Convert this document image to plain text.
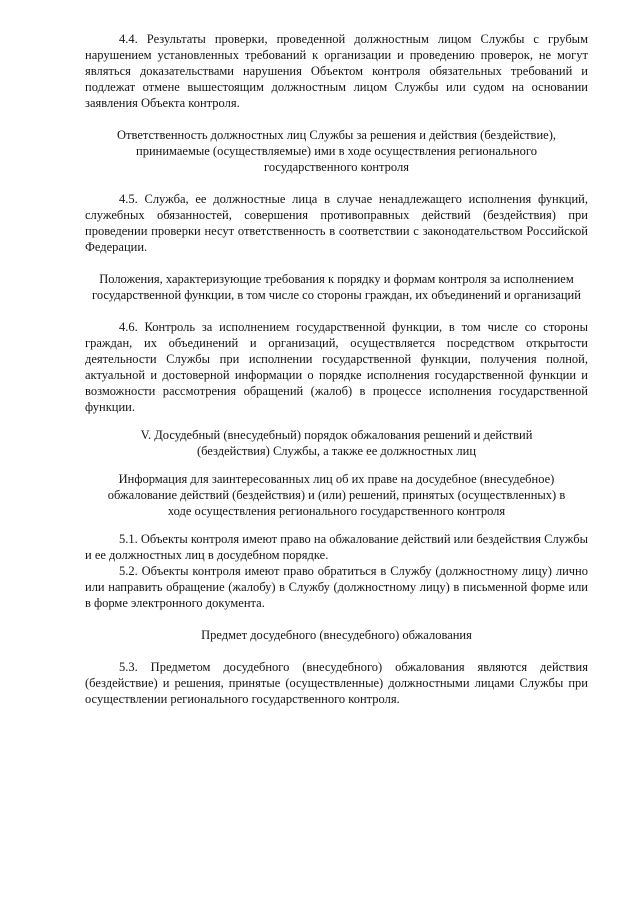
4.4. Результаты проверки, проведенной должностным лицом Службы с грубым нарушением установленных требований к организации и проведению проверок, не могут являться доказательствами нарушения Объектом контроля обязательных требований и подлежат отмене вышестоящим должностным лицом Службы или судом на основании заявления Объекта контроля.

Ответственность должностных лиц Службы за решения и действия (бездействие), принимаемые (осуществляемые) ими в ходе осуществления регионального государственного контроля

4.5. Служба, ее должностные лица в случае ненадлежащего исполнения функций, служебных обязанностей, совершения противоправных действий (бездействия) при проведении проверки несут ответственность в соответствии с законодательством Российской Федерации.

Положения, характеризующие требования к порядку и формам контроля за исполнением государственной функции, в том числе со стороны граждан, их объединений и организаций

4.6. Контроль за исполнением государственной функции, в том числе со стороны граждан, их объединений и организаций, осуществляется посредством открытости деятельности Службы при исполнении государственной функции, получения полной, актуальной и достоверной информации о порядке исполнения государственной функции и возможности рассмотрения обращений (жалоб) в процессе исполнения государственной функции.

V. Досудебный (внесудебный) порядок обжалования решений и действий (бездействия) Службы, а также ее должностных лиц

Информация для заинтересованных лиц об их праве на досудебное (внесудебное) обжалование действий (бездействия) и (или) решений, принятых (осуществленных) в ходе осуществления регионального государственного контроля

5.1. Объекты контроля имеют право на обжалование действий или бездействия Службы и ее должностных лиц в досудебном порядке.

5.2. Объекты контроля имеют право обратиться в Службу (должностному лицу) лично или направить обращение (жалобу) в Службу (должностному лицу) в письменной форме или в форме электронного документа.

Предмет досудебного (внесудебного) обжалования

5.3. Предметом досудебного (внесудебного) обжалования являются действия (бездействие) и решения, принятые (осуществленные) должностными лицами Службы при осуществлении регионального государственного контроля.
